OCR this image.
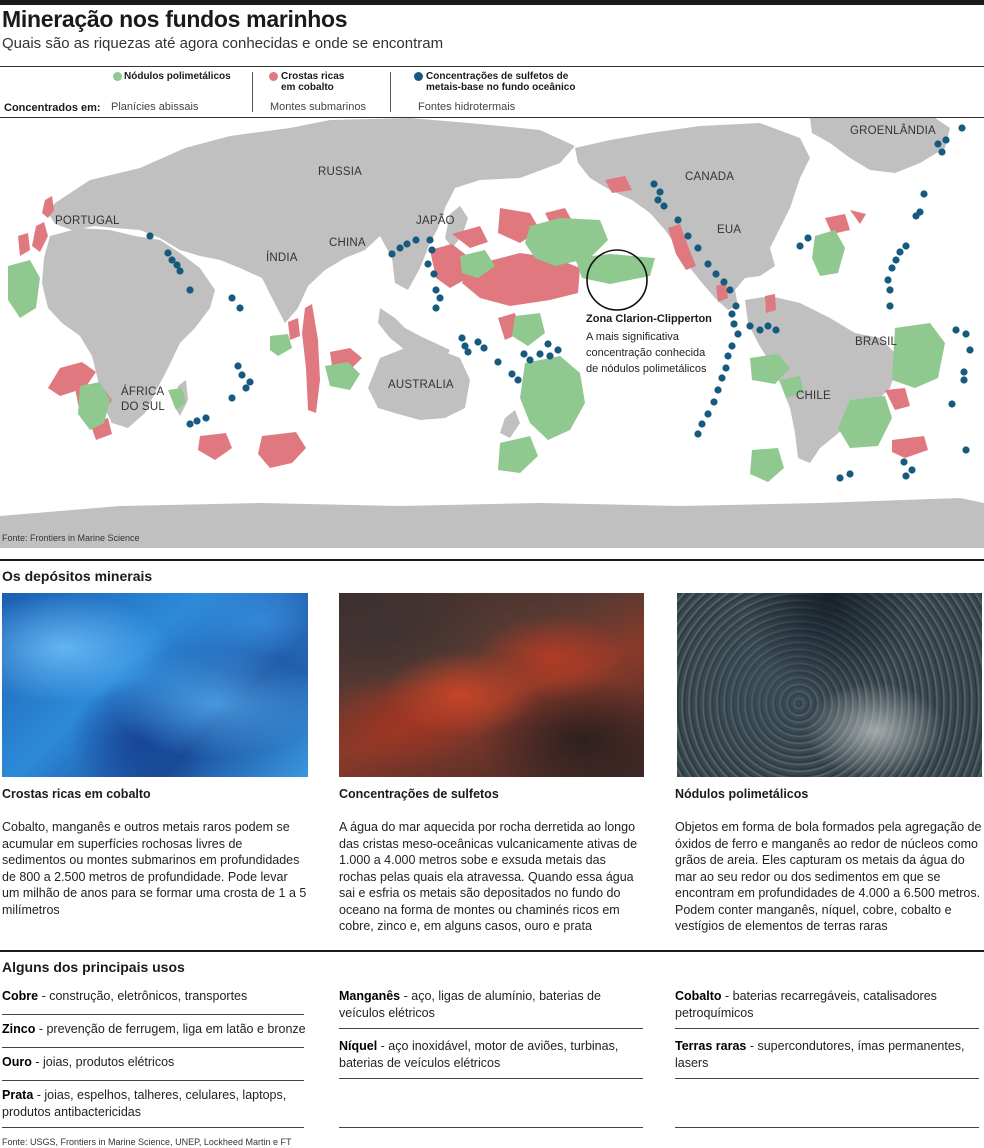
Mineração nos fundos marinhos
Quais são as riquezas até agora conhecidas e onde se encontram
Nódulos polimetálicos
Planícies abissais
Crostas ricas
em cobalto
Montes submarinos
Concentrações de sulfetos de
metais-base no fundo oceânico
Fontes hidrotermais
Concentrados em:
RUSSIA	CANADA
GROENLÂNDIA
PORTUGAL	JAPÃO
CHINA
ÍNDIA
EUA
BRASIL
AUSTRALIA
ÁFRICA
DO SUL
CHILE
Zona Clarion-Clipperton
A mais significativa
concentração conhecida
de nódulos polimetálicos
Fonte: Frontiers in Marine Science
Os depósitos minerais
Crostas ricas em cobalto	Concentrações de sulfetos	Nódulos polimetálicos
Cobalto, manganês e outros metais raros podem se acumular em superfícies rochosas livres de sedimentos ou montes submarinos em profundidades de 800 a 2.500 metros de profundidade. Pode levar um milhão de anos para se formar uma crosta de 1 a 5 milímetros
A água do mar aquecida por rocha derretida ao longo das cristas meso-oceânicas vulcanicamente ativas de 1.000 a 4.000 metros sobe e exsuda metais das rochas pelas quais ela atravessa. Quando essa água sai e esfria os metais são depositados no fundo do oceano na forma de montes ou chaminés ricos em cobre, zinco e, em alguns casos, ouro e prata
Objetos em forma de bola formados pela agregação de óxidos de ferro e manganês ao redor de núcleos como grãos de areia. Eles capturam os metais da água do mar ao seu redor ou dos sedimentos em que se encontram em profundidades de 4.000 a 6.500 metros. Podem conter manganês, níquel, cobre, cobalto e vestígios de elementos de terras raras
Alguns dos principais usos
Cobre - construção, eletrônicos, transportes
Zinco - prevenção de ferrugem, liga em latão e bronze
Ouro - joias, produtos elétricos
Prata - joias, espelhos, talheres, celulares, laptops, produtos antibactericidas
Manganês - aço, ligas de alumínio, baterias de veículos elétricos
Níquel - aço inoxidável, motor de aviões, turbinas, baterias de veículos elétricos
Cobalto - baterias recarregáveis, catalisadores petroquímicos
Terras raras - supercondutores, ímas permanentes, lasers
Fonte: USGS, Frontiers in Marine Science, UNEP, Lockheed Martin e FT
